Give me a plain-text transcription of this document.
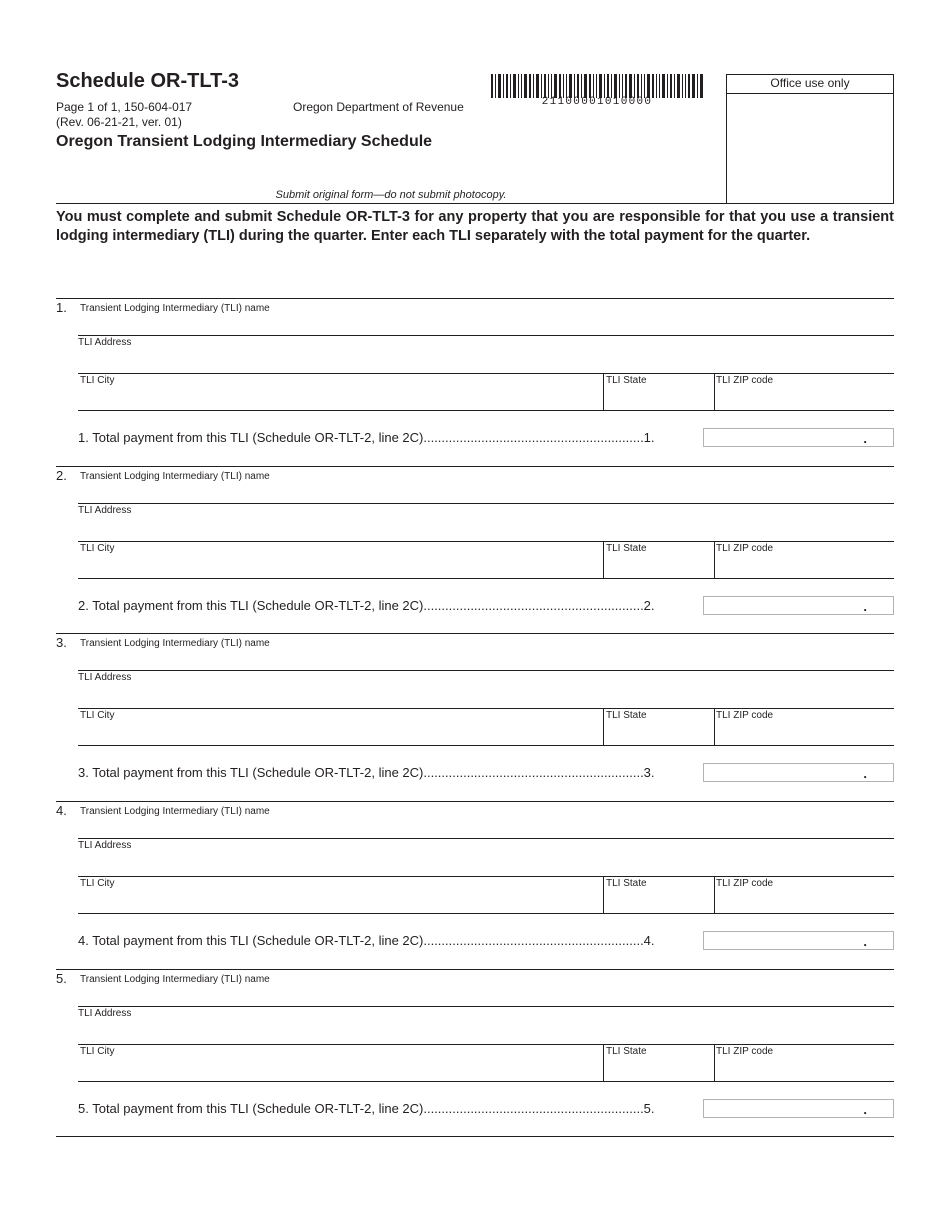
Schedule OR-TLT-3
Page 1 of 1, 150-604-017
(Rev. 06-21-21, ver. 01)
Oregon Department of Revenue
Oregon Transient Lodging Intermediary Schedule
21100001010000
Office use only
Submit original form—do not submit photocopy.
You must complete and submit Schedule OR-TLT-3 for any property that you are responsible for that you use a transient lodging intermediary (TLI) during the quarter. Enter each TLI separately with the total payment for the quarter.
1. Transient Lodging Intermediary (TLI) name
TLI Address
TLI City	TLI State	TLI ZIP code
1. Total payment from this TLI (Schedule OR-TLT-2, line 2C).............................................................1.	.
2. Transient Lodging Intermediary (TLI) name
TLI Address
TLI City	TLI State	TLI ZIP code
2. Total payment from this TLI (Schedule OR-TLT-2, line 2C).............................................................2.	.
3. Transient Lodging Intermediary (TLI) name
TLI Address
TLI City	TLI State	TLI ZIP code
3. Total payment from this TLI (Schedule OR-TLT-2, line 2C).............................................................3.	.
4. Transient Lodging Intermediary (TLI) name
TLI Address
TLI City	TLI State	TLI ZIP code
4. Total payment from this TLI (Schedule OR-TLT-2, line 2C).............................................................4.	.
5. Transient Lodging Intermediary (TLI) name
TLI Address
TLI City	TLI State	TLI ZIP code
5. Total payment from this TLI (Schedule OR-TLT-2, line 2C).............................................................5.	.
